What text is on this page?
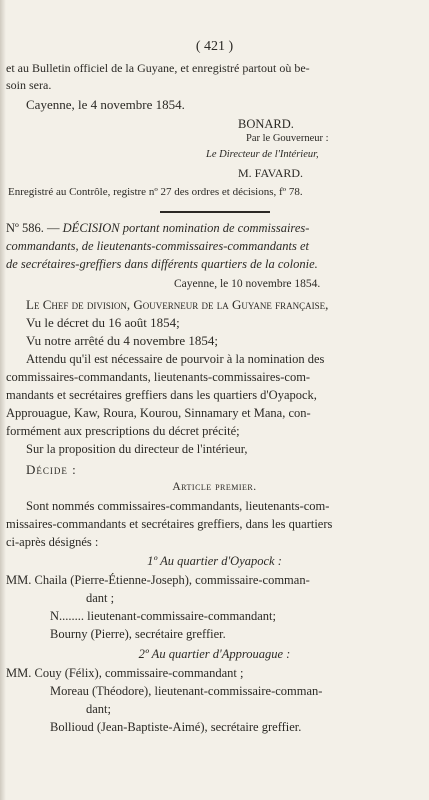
( 421 )
et au Bulletin officiel de la Guyane, et enregistré partout où be-
soin sera.
Cayenne, le 4 novembre 1854.
BONARD.
Par le Gouverneur :
Le Directeur de l'Intérieur,
M. FAVARD.
Enregistré au Contrôle, registre nº 27 des ordres et décisions, fº 78.
Nº 586. — DÉCISION portant nomination de commissaires-
commandants, de lieutenants-commissaires-commandants et
de secrétaires-greffiers dans différents quartiers de la colonie.
Cayenne, le 10 novembre 1854.
Le Chef de division, Gouverneur de la Guyane française,
Vu le décret du 16 août 1854;
Vu notre arrêté du 4 novembre 1854;
Attendu qu'il est nécessaire de pourvoir à la nomination des
commissaires-commandants, lieutenants-commissaires-com-
mandants et secrétaires greffiers dans les quartiers d'Oyapock,
Approuague, Kaw, Roura, Kourou, Sinnamary et Mana, con-
formément aux prescriptions du décret précité;
Sur la proposition du directeur de l'intérieur,
Décide :
Article premier.
Sont nommés commissaires-commandants, lieutenants-com-
missaires-commandants et secrétaires greffiers, dans les quartiers
ci-après désignés :
1º Au quartier d'Oyapock :
MM. Chaila (Pierre-Étienne-Joseph), commissaire-comman-
dant ;
N........ lieutenant-commissaire-commandant;
Bourny (Pierre), secrétaire greffier.
2º Au quartier d'Approuague :
MM. Couy (Félix), commissaire-commandant ;
Moreau (Théodore), lieutenant-commissaire-comman-
dant;
Bollioud (Jean-Baptiste-Aimé), secrétaire greffier.
